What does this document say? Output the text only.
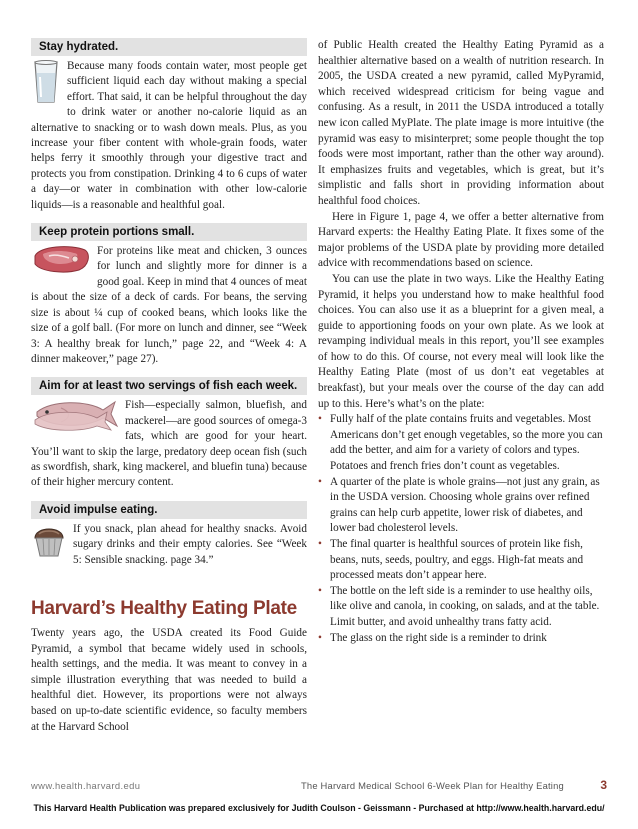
Stay hydrated.
Because many foods contain water, most people get sufficient liquid each day without making a special effort. That said, it can be helpful throughout the day to drink water or another no-calorie liquid as an alternative to snacking or to wash down meals. Plus, as you increase your fiber content with whole-grain foods, water helps ferry it smoothly through your digestive tract and protects you from constipation. Drinking 4 to 6 cups of water a day—or water in combination with other low-calorie liquids—is a reasonable and healthful goal.
Keep protein portions small.
For proteins like meat and chicken, 3 ounces for lunch and slightly more for dinner is a good goal. Keep in mind that 4 ounces of meat is about the size of a deck of cards. For beans, the serving size is about ¼ cup of cooked beans, which looks like the size of a golf ball. (For more on lunch and dinner, see “Week 3: A healthy break for lunch,” page 22, and “Week 4: A dinner makeover,” page 27).
Aim for at least two servings of fish each week.
Fish—especially salmon, bluefish, and mackerel—are good sources of omega-3 fats, which are good for your heart. You’ll want to skip the large, predatory deep ocean fish (such as swordfish, shark, king mackerel, and bluefin tuna) because of their higher mercury content.
Avoid impulse eating.
If you snack, plan ahead for healthy snacks. Avoid sugary drinks and their empty calories. See “Week 5: Sensible snacking. page 34.”
Harvard’s Healthy Eating Plate

Twenty years ago, the USDA created its Food Guide Pyramid, a symbol that became widely used in schools, health settings, and the media. It was meant to convey in a simple illustration everything that was needed to build a healthful diet. However, its proportions were not always based on up-to-date scientific evidence, so faculty members at the Harvard School

of Public Health created the Healthy Eating Pyramid as a healthier alternative based on a wealth of nutrition research. In 2005, the USDA created a new pyramid, called MyPyramid, which received widespread criticism for being vague and confusing. As a result, in 2011 the USDA introduced a totally new icon called MyPlate. The plate image is more intuitive (the pyramid was easy to misinterpret; some people thought the top foods were most important, rather than the other way around). It emphasizes fruits and vegetables, which is great, but it’s simplistic and falls short in providing information about healthful food choices.

Here in Figure 1, page 4, we offer a better alternative from Harvard experts: the Healthy Eating Plate. It fixes some of the major problems of the USDA plate by providing more detailed advice with recommendations based on science.

You can use the plate in two ways. Like the Healthy Eating Pyramid, it helps you understand how to make healthful food choices. You can also use it as a blueprint for a given meal, a guide to apportioning foods on your own plate. As we look at revamping individual meals in this report, you’ll see examples of how to do this. Of course, not every meal will look like the Healthy Eating Plate (most of us don’t eat vegetables at breakfast), but your meals over the course of the day can add up to this. Here’s what’s on the plate:

• Fully half of the plate contains fruits and vegetables. Most Americans don’t get enough vegetables, so the more you can add the better, and aim for a variety of colors and types. Potatoes and french fries don’t count as vegetables.
• A quarter of the plate is whole grains—not just any grain, as in the USDA version. Choosing whole grains over refined grains can help curb appetite, lower risk of diabetes, and lower bad cholesterol levels.
• The final quarter is healthful sources of protein like fish, beans, nuts, seeds, poultry, and eggs. High-fat meats and processed meats don’t appear here.
• The bottle on the left side is a reminder to use healthy oils, like olive and canola, in cooking, on salads, and at the table. Limit butter, and avoid unhealthy trans fatty acid.
• The glass on the right side is a reminder to drink
www.health.harvard.edu	The Harvard Medical School 6-Week Plan for Healthy Eating	3
This Harvard Health Publication was prepared exclusively for Judith Coulson - Geissmann - Purchased at http://www.health.harvard.edu/
